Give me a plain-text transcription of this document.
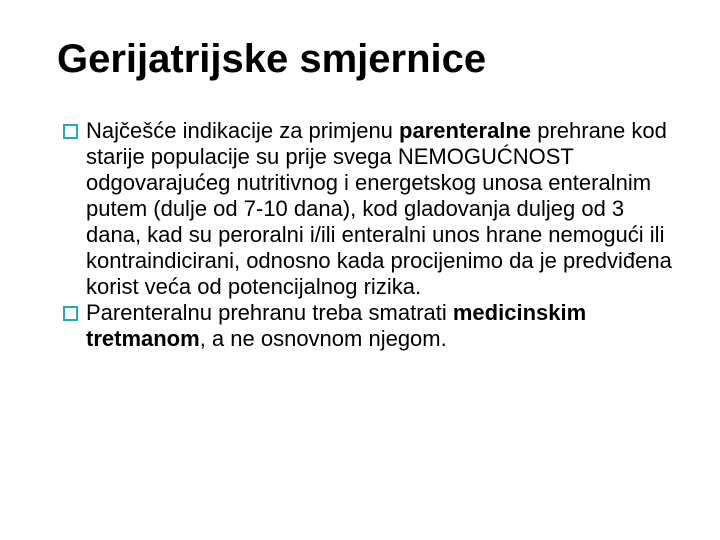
Gerijatrijske smjernice
Najčešće indikacije za primjenu parenteralne prehrane kod starije populacije su prije svega NEMOGUĆNOST odgovarajućeg nutritivnog i energetskog unosa enteralnim putem (dulje od 7-10 dana), kod gladovanja duljeg od 3 dana, kad su peroralni i/ili enteralni unos hrane nemogući ili kontraindicirani, odnosno kada procijenimo da je predviđena korist veća od potencijalnog rizika.
Parenteralnu prehranu treba smatrati medicinskim tretmanom, a ne osnovnom njegom.
